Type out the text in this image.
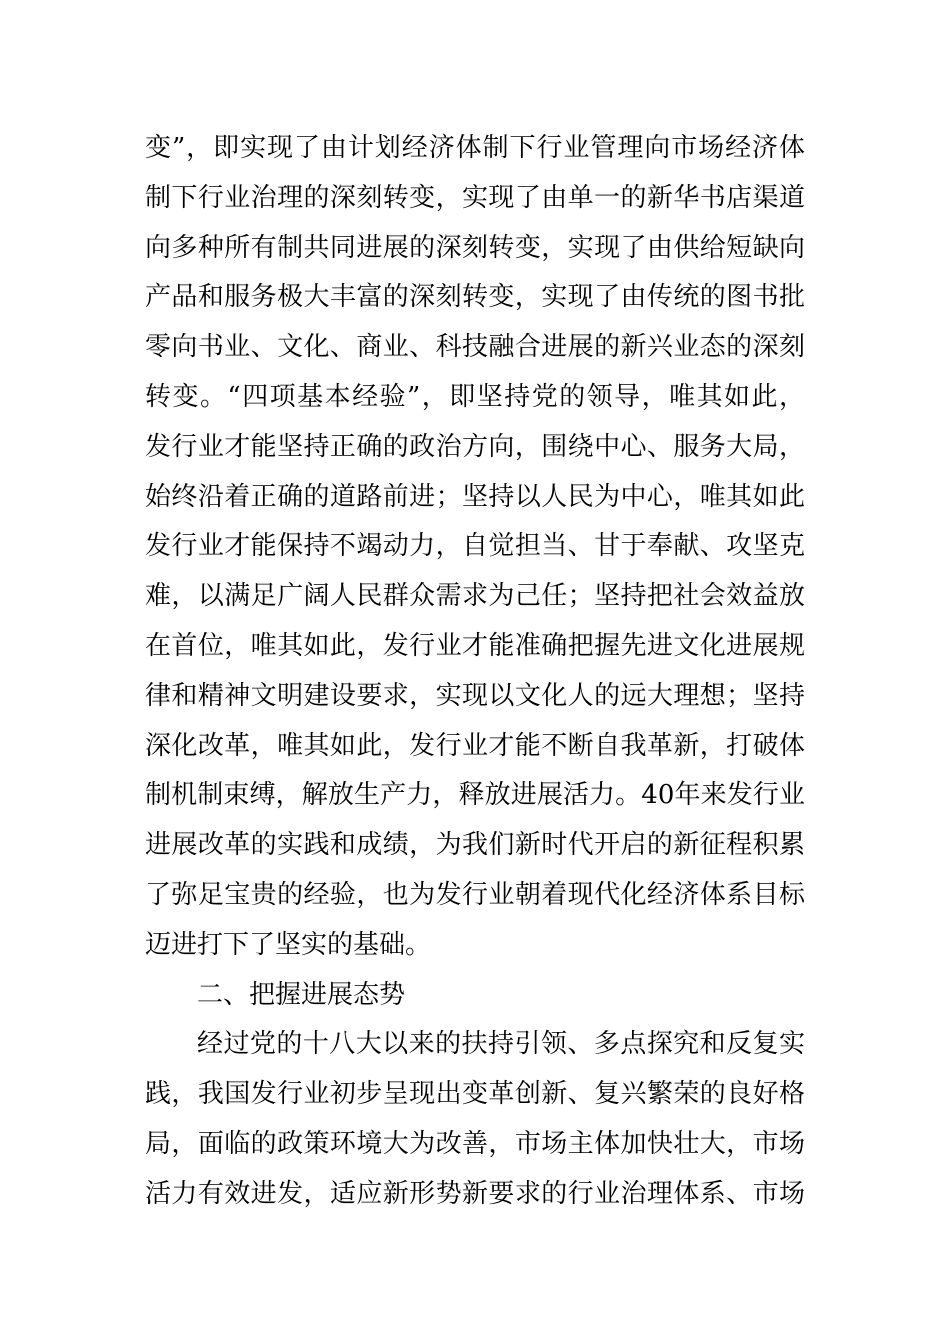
变”，即实现了由计划经济体制下行业管理向市场经济体
制下行业治理的深刻转变，实现了由单一的新华书店渠道
向多种所有制共同进展的深刻转变，实现了由供给短缺向
产品和服务极大丰富的深刻转变，实现了由传统的图书批
零向书业、文化、商业、科技融合进展的新兴业态的深刻
转变。“四项基本经验”，即坚持党的领导，唯其如此，
发行业才能坚持正确的政治方向，围绕中心、服务大局，
始终沿着正确的道路前进；坚持以人民为中心，唯其如此
发行业才能保持不竭动力，自觉担当、甘于奉献、攻坚克
难，以满足广阔人民群众需求为己任；坚持把社会效益放
在首位，唯其如此，发行业才能准确把握先进文化进展规
律和精神文明建设要求，实现以文化人的远大理想；坚持
深化改革，唯其如此，发行业才能不断自我革新，打破体
制机制束缚，解放生产力，释放进展活力。40年来发行业
进展改革的实践和成绩，为我们新时代开启的新征程积累
了弥足宝贵的经验，也为发行业朝着现代化经济体系目标
迈进打下了坚实的基础。
二、把握进展态势
经过党的十八大以来的扶持引领、多点探究和反复实
践，我国发行业初步呈现出变革创新、复兴繁荣的良好格
局，面临的政策环境大为改善，市场主体加快壮大，市场
活力有效进发，适应新形势新要求的行业治理体系、市场
